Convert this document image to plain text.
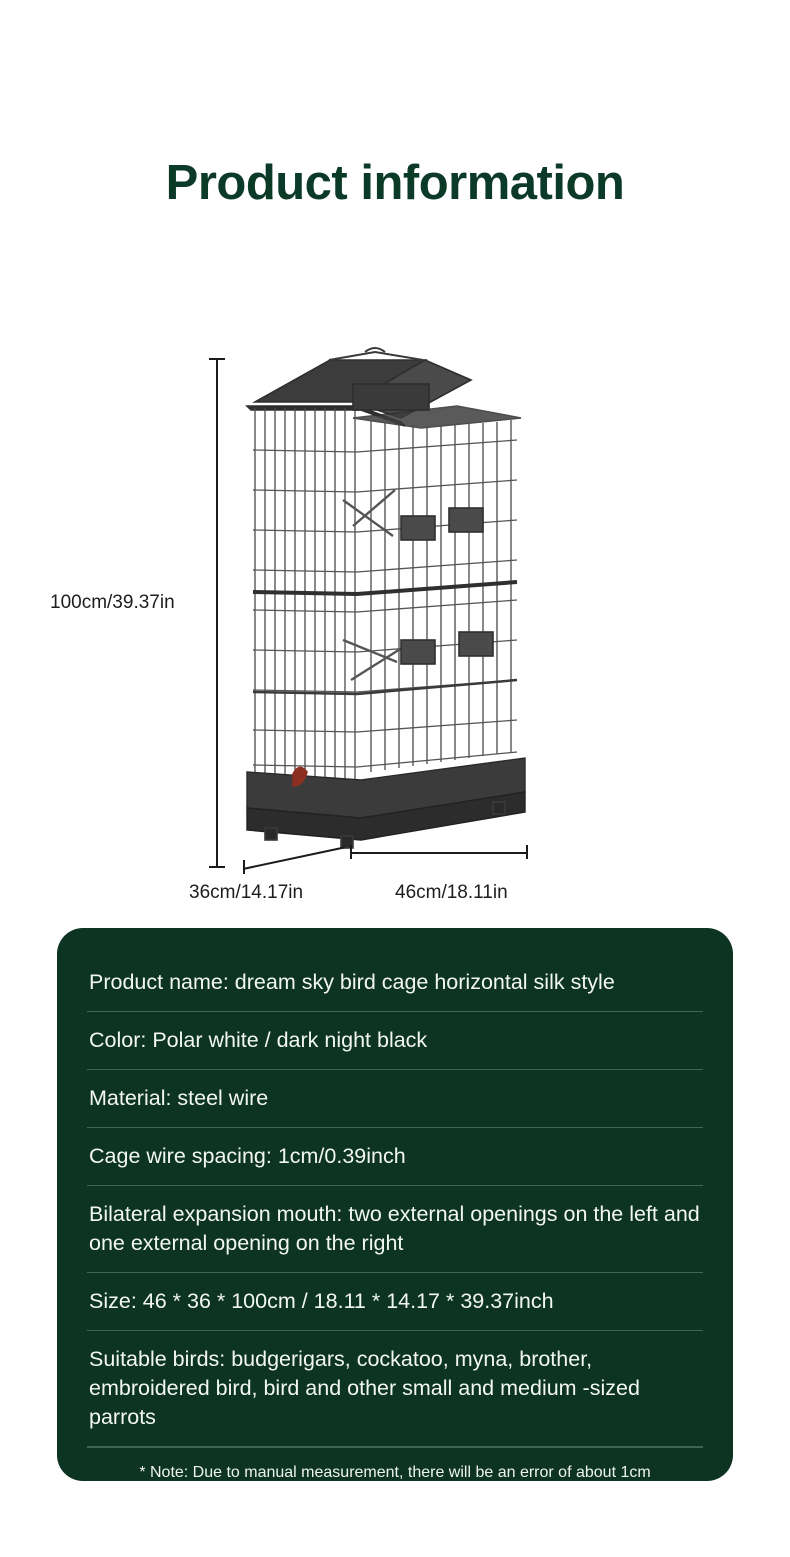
Product information
100cm/39.37in
36cm/14.17in	46cm/18.11in
Product name: dream sky bird cage horizontal silk style
Color: Polar white / dark night black
Material: steel wire
Cage wire spacing: 1cm/0.39inch
Bilateral expansion mouth: two external openings on the left and one external opening on the right
Size: 46 * 36 * 100cm / 18.11 * 14.17 * 39.37inch
Suitable birds: budgerigars, cockatoo, myna, brother, embroidered bird, bird and other small and medium -sized parrots
* Note: Due to manual measurement, there will be an error of about 1cm
